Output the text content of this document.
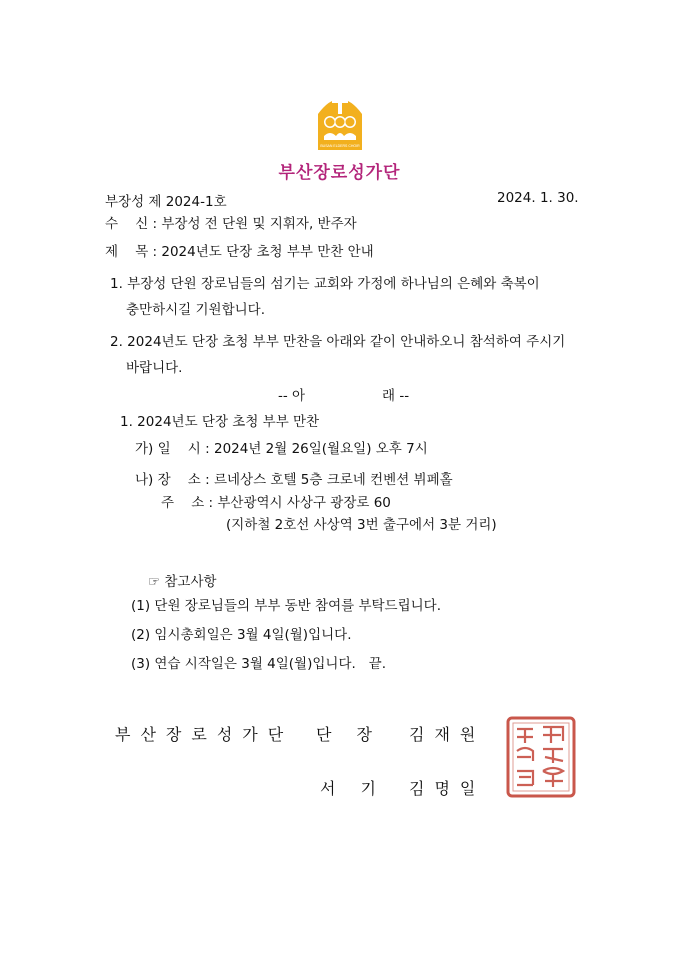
BUSAN ELDERS CHOIR
부산장로성가단
부장성 제 2024-1호	2024. 1. 30.
수    신 : 부장성 전 단원 및 지휘자, 반주자
제    목 : 2024년도 단장 초청 부부 만찬 안내
1. 부장성 단원 장로님들의 섬기는 교회와 가정에 하나님의 은혜와 축복이
충만하시길 기원합니다.
2. 2024년도 단장 초청 부부 만찬을 아래와 같이 안내하오니 참석하여 주시기
바랍니다.
-- 아	래 --
1. 2024년도 단장 초청 부부 만찬
가) 일    시 : 2024년 2월 26일(월요일) 오후 7시
나) 장    소 : 르네상스 호텔 5층 크로네 컨벤션 뷔페홀
주    소 : 부산광역시 사상구 광장로 60
(지하철 2호선 사상역 3번 출구에서 3분 거리)
☞ 참고사항
(1) 단원 장로님들의 부부 동반 참여를 부탁드립니다.
(2) 임시총회일은 3월 4일(월)입니다.
(3) 연습 시작일은 3월 4일(월)입니다.   끝.
부산장로성가단 단 장 김재원
서 기 김명일
